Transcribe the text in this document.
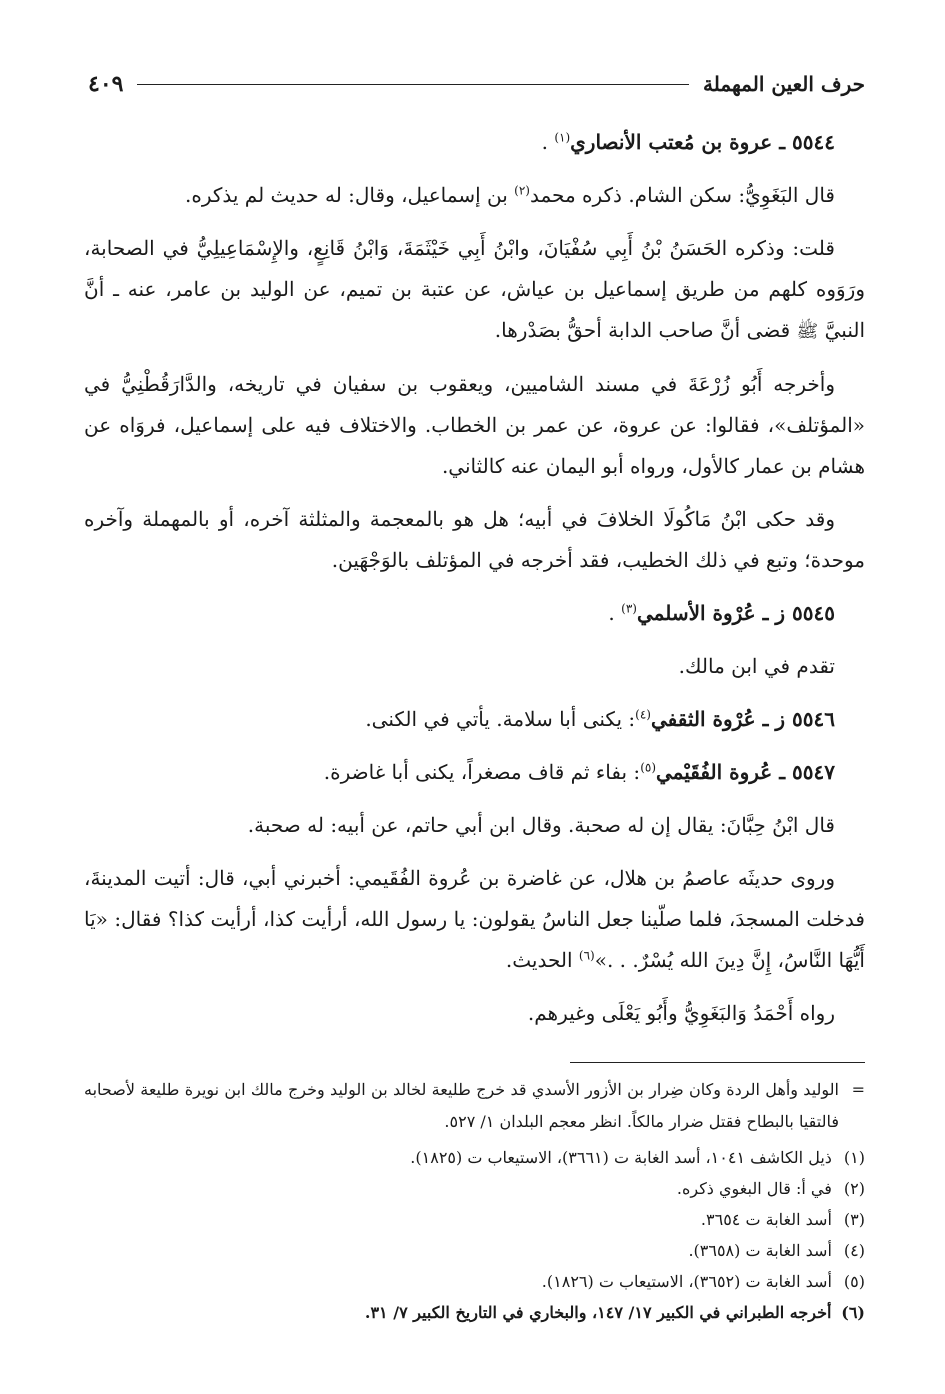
حرف العين المهملة
٤٠٩

٥٥٤٤ ـ عروة بن مُعتب الأنصاري$^{(١)}$ .

قال البَغَوِيُّ: سكن الشام. ذكره محمد$^{(٢)}$ بن إسماعيل، وقال: له حديث لم يذكره.

قلت: وذكره الحَسَنُ بْنُ أَبِي سُفْيَانَ، وابْنُ أَبِي خَيْثَمَةَ، وَابْنُ قَانِعٍ، والإِسْمَاعِيلِيُّ في الصحابة، ورَوَوه كلهم من طريق إسماعيل بن عياش، عن عتبة بن تميم، عن الوليد بن عامر، عنه ـ أنَّ النبيَّ ﷺ قضى أنَّ صاحب الدابة أحقُّ بصَدْرها.

وأخرجه أَبُو زُرْعَةَ في مسند الشاميين، ويعقوب بن سفيان في تاريخه، والدَّارَقُطْنِيُّ في «المؤتلف»، فقالوا: عن عروة، عن عمر بن الخطاب. والاختلاف فيه على إسماعيل، فروَاه عن هشام بن عمار كالأول، ورواه أبو اليمان عنه كالثاني.

وقد حكى ابْنُ مَاكُولَا الخلافَ في أبيه؛ هل هو بالمعجمة والمثلثة آخره، أو بالمهملة وآخره موحدة؛ وتبع في ذلك الخطيب، فقد أخرجه في المؤتلف بالوَجْهَين.

٥٥٤٥ ز ـ عُرْوة الأسلمي$^{(٣)}$ .

تقدم في ابن مالك.

٥٥٤٦ ز ـ عُرْوة الثقفي$^{(٤)}$: يكنى أبا سلامة. يأتي في الكنى.

٥٥٤٧ ـ عُروة الفُقَيْمي$^{(٥)}$: بفاء ثم قاف مصغراً، يكنى أبا غاضرة.

قال ابْنُ حِبَّانَ: يقال إن له صحبة. وقال ابن أبي حاتم، عن أبيه: له صحبة.

وروى حديثَه عاصمُ بن هلال، عن غاضرة بن عُروة الفُقَيمي: أخبرني أبي، قال: أتيت المدينةَ، فدخلت المسجدَ، فلما صلّينا جعل الناسُ يقولون: يا رسول الله، أرأيت كذا، أرأيت كذا؟ فقال: «يَا أَيُّهَا النَّاسُ، إِنَّ دِينَ الله يُسْرٌ. . .»$^{(٦)}$ الحديث.

رواه أَحْمَدُ وَالبَغَوِيُّ وأَبُو يَعْلَى وغيرهم.

=
الوليد وأهل الردة وكان ضِرار بن الأزور الأسدي قد خرج طليعة لخالد بن الوليد وخرج مالك ابن نويرة طليعة لأصحابه فالتقيا بالبطاح فقتل ضرار مالكاً. انظر معجم البلدان ١/ ٥٢٧.
(١) ذيل الكاشف ١٠٤١، أسد الغابة ت (٣٦٦١)، الاستيعاب ت (١٨٢٥).
(٢) في أ: قال البغوي ذكره.
(٣) أسد الغابة ت ٣٦٥٤.
(٤) أسد الغابة ت (٣٦٥٨).
(٥) أسد الغابة ت (٣٦٥٢)، الاستيعاب ت (١٨٢٦).
(٦) أخرجه الطبراني في الكبير ١٧/ ١٤٧، والبخاري في التاريخ الكبير ٧/ ٣١.
